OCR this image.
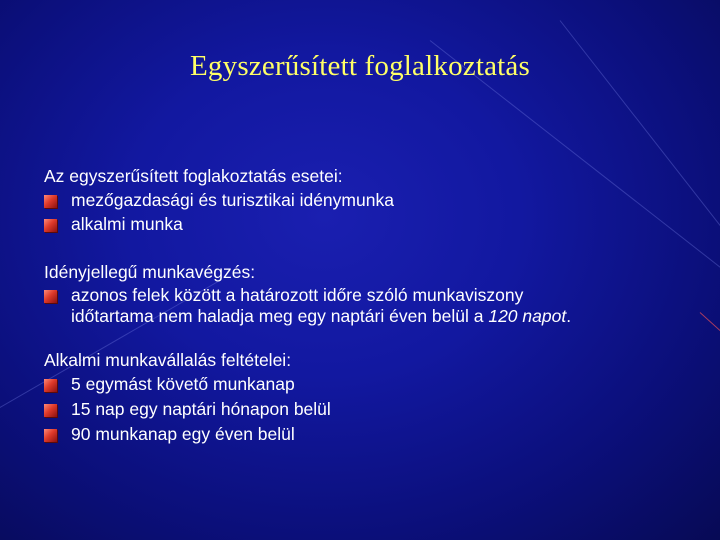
Egyszerűsített foglalkoztatás
Az egyszerűsített foglakoztatás esetei:
mezőgazdasági és turisztikai idénymunka
alkalmi munka
Idényjellegű munkavégzés:
azonos felek között a határozott időre szóló munkaviszony
időtartama nem haladja meg egy naptári éven belül a 120 napot.
Alkalmi munkavállalás feltételei:
5 egymást követő munkanap
15 nap egy naptári hónapon belül
90 munkanap egy éven belül
